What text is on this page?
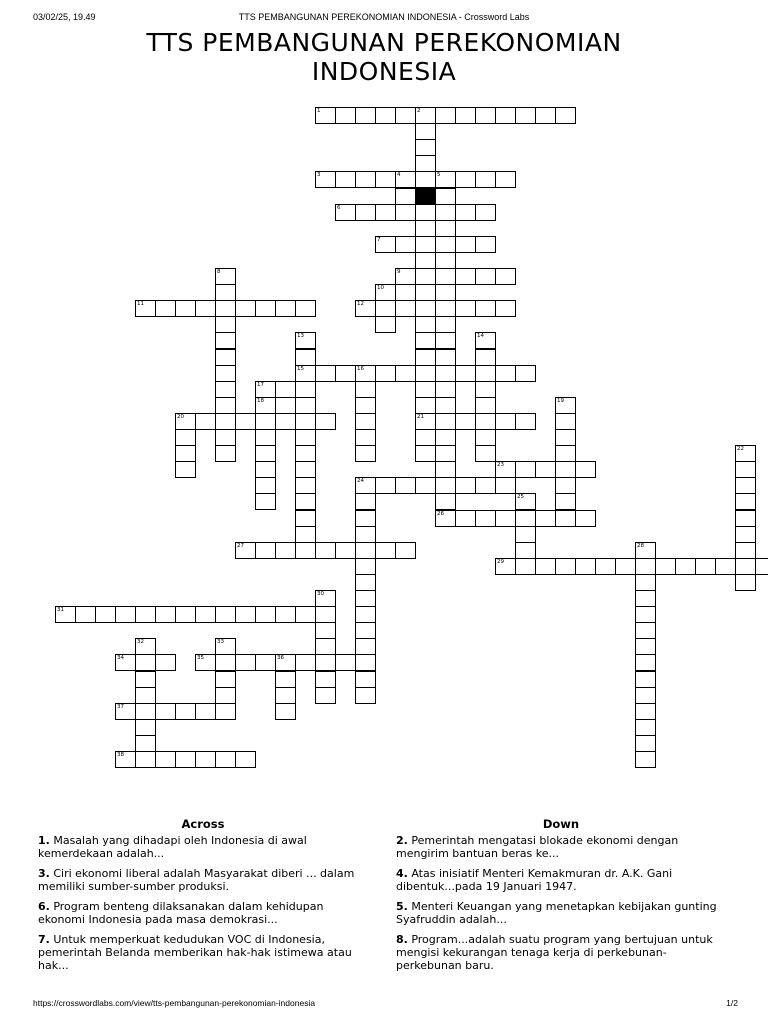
03/02/25, 19.49	TTS PEMBANGUNAN PEREKONOMIAN INDONESIA - Crossword Labs
TTS PEMBANGUNAN PEREKONOMIAN
INDONESIA
1	2
21
3	4	5
26
6
7
8	9
10
11	12
13
15
14
16
17
18	19
20
22
23
24
25
27	28
29
30
31
32	33
34	35	36
37
38
Across
1. Masalah yang dihadapi oleh Indonesia di awal kemerdekaan adalah...
3. Ciri ekonomi liberal adalah Masyarakat diberi ... dalam memiliki sumber-sumber produksi.
6. Program benteng dilaksanakan dalam kehidupan ekonomi Indonesia pada masa demokrasi...
7. Untuk memperkuat kedudukan VOC di Indonesia, pemerintah Belanda memberikan hak-hak istimewa atau hak...
Down
2. Pemerintah mengatasi blokade ekonomi dengan mengirim bantuan beras ke...
4. Atas inisiatif Menteri Kemakmuran dr. A.K. Gani dibentuk...pada 19 Januari 1947.
5. Menteri Keuangan yang menetapkan kebijakan gunting Syafruddin adalah...
8. Program...adalah suatu program yang bertujuan untuk mengisi kekurangan tenaga kerja di perkebunan-perkebunan baru.
https://crosswordlabs.com/view/tts-pembangunan-perekonomian-indonesia	1/2
